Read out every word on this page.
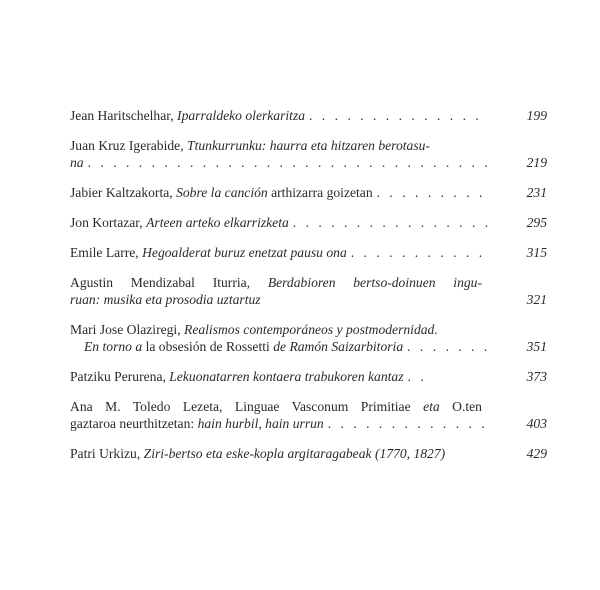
Jean Haritschelhar, Iparraldeko olerkaritza . . .	199
Juan Kruz Igerabide, Ttunkurrunku: haurra eta hitzaren berotasu-
na . . .	219
Jabier Kaltzakorta, Sobre la canción arthizarra goizetan . . .	231
Jon Kortazar, Arteen arteko elkarrizketa . . .	295
Emile Larre, Hegoalderat buruz enetzat pausu ona . . .	315
Agustin Mendizabal Iturria, Berdabioren bertso-doinuen ingu-
ruan: musika eta prosodia uztartuz	321
Mari Jose Olaziregi, Realismos contemporáneos y postmodernidad.
En torno a la obsesión de Rossetti de Ramón Saizarbitoria . . .	351
Patziku Perurena, Lekuonatarren kontaera trabukoren kantaz . . .	373
Ana M. Toledo Lezeta, Linguae Vasconum Primitiae eta O.ten
gaztaroa neurthitzetan: hain hurbil, hain urrun . . .	403
Patri Urkizu, Ziri-bertso eta eske-kopla argitaragabeak (1770, 1827)	429
